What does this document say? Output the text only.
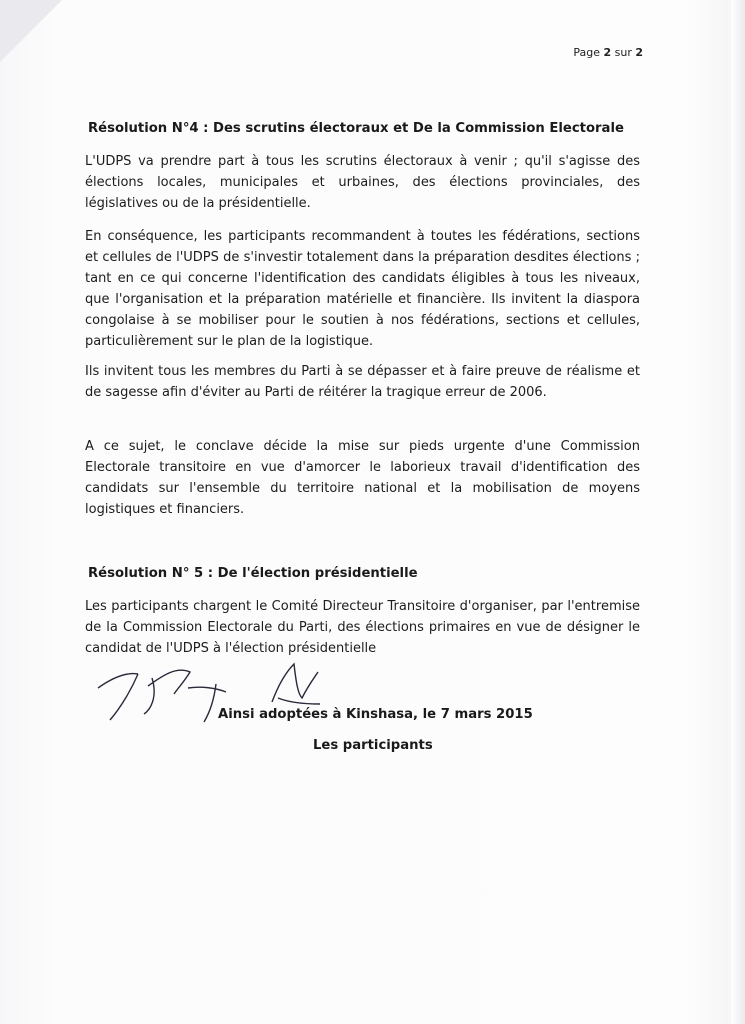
Page 2 sur 2
Résolution N°4 : Des scrutins électoraux et De la Commission Electorale
L'UDPS va prendre part à tous les scrutins électoraux à venir ; qu'il s'agisse des élections locales, municipales et urbaines, des élections provinciales, des législatives ou de la présidentielle.
En conséquence, les participants recommandent à toutes les fédérations, sections et cellules de l'UDPS de s'investir totalement dans la préparation desdites élections ; tant en ce qui concerne l'identification des candidats éligibles à tous les niveaux, que l'organisation et la préparation matérielle et financière. Ils invitent la diaspora congolaise à se mobiliser pour le soutien à nos fédérations, sections et cellules, particulièrement sur le plan de la logistique.
Ils invitent tous les membres du Parti à se dépasser et à faire preuve de réalisme et de sagesse afin d'éviter au Parti de réitérer la tragique erreur de 2006.
A ce sujet, le conclave décide la mise sur pieds urgente d'une Commission Electorale transitoire en vue d'amorcer le laborieux travail d'identification des candidats sur l'ensemble du territoire national et la mobilisation de moyens logistiques et financiers.
Résolution N° 5 : De l'élection présidentielle
Les participants chargent le Comité Directeur Transitoire d'organiser, par l'entremise de la Commission Electorale du Parti, des élections primaires en vue de désigner le candidat de l'UDPS à l'élection présidentielle
Ainsi adoptées à Kinshasa, le 7 mars 2015
Les participants
